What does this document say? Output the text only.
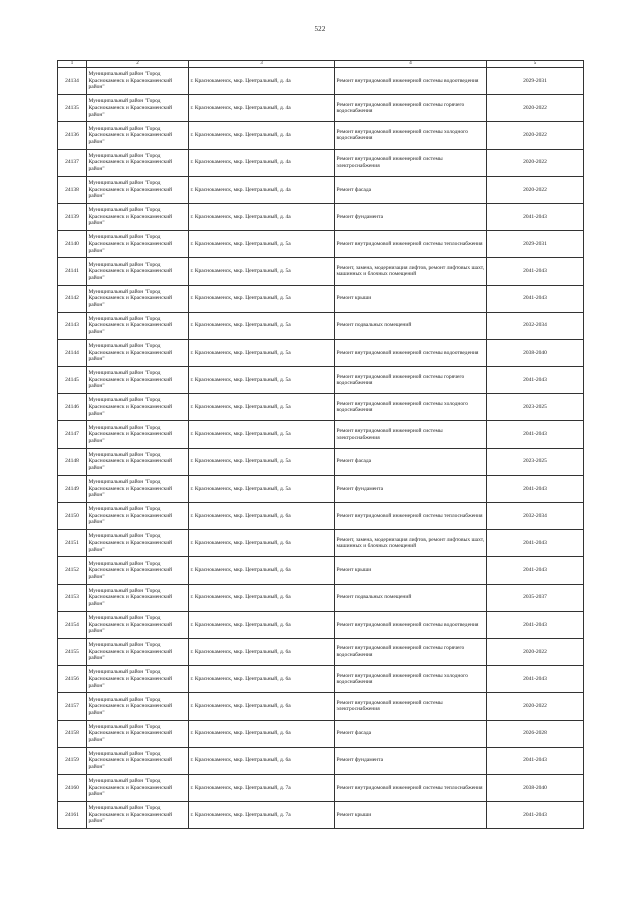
522
1	2	3	4	5
24134	Муниципальный район "Город Краснокаменск и Краснокаменский район"	г. Краснокаменск, мкр. Центральный, д. 4а	Ремонт внутридомовой инженерной системы водоотведения	2029-2031
24135	Муниципальный район "Город Краснокаменск и Краснокаменский район"	г. Краснокаменск, мкр. Центральный, д. 4а	Ремонт внутридомовой инженерной системы горячего водоснабжения	2020-2022
24136	Муниципальный район "Город Краснокаменск и Краснокаменский район"	г. Краснокаменск, мкр. Центральный, д. 4а	Ремонт внутридомовой инженерной системы холодного водоснабжения	2020-2022
24137	Муниципальный район "Город Краснокаменск и Краснокаменский район"	г. Краснокаменск, мкр. Центральный, д. 4а	Ремонт внутридомовой инженерной системы электроснабжения	2020-2022
24138	Муниципальный район "Город Краснокаменск и Краснокаменский район"	г. Краснокаменск, мкр. Центральный, д. 4а	Ремонт фасада	2020-2022
24139	Муниципальный район "Город Краснокаменск и Краснокаменский район"	г. Краснокаменск, мкр. Центральный, д. 4а	Ремонт фундамента	2041-2043
24140	Муниципальный район "Город Краснокаменск и Краснокаменский район"	г. Краснокаменск, мкр. Центральный, д. 5а	Ремонт внутридомовой инженерной системы теплоснабжения	2029-2031
24141	Муниципальный район "Город Краснокаменск и Краснокаменский район"	г. Краснокаменск, мкр. Центральный, д. 5а	Ремонт, замена, модернизация лифтов, ремонт лифтовых шахт, машинных и блочных помещений	2041-2043
24142	Муниципальный район "Город Краснокаменск и Краснокаменский район"	г. Краснокаменск, мкр. Центральный, д. 5а	Ремонт крыши	2041-2043
24143	Муниципальный район "Город Краснокаменск и Краснокаменский район"	г. Краснокаменск, мкр. Центральный, д. 5а	Ремонт подвальных помещений	2032-2034
24144	Муниципальный район "Город Краснокаменск и Краснокаменский район"	г. Краснокаменск, мкр. Центральный, д. 5а	Ремонт внутридомовой инженерной системы водоотведения	2038-2040
24145	Муниципальный район "Город Краснокаменск и Краснокаменский район"	г. Краснокаменск, мкр. Центральный, д. 5а	Ремонт внутридомовой инженерной системы горячего водоснабжения	2041-2043
24146	Муниципальный район "Город Краснокаменск и Краснокаменский район"	г. Краснокаменск, мкр. Центральный, д. 5а	Ремонт внутридомовой инженерной системы холодного водоснабжения	2023-2025
24147	Муниципальный район "Город Краснокаменск и Краснокаменский район"	г. Краснокаменск, мкр. Центральный, д. 5а	Ремонт внутридомовой инженерной системы электроснабжения	2041-2043
24148	Муниципальный район "Город Краснокаменск и Краснокаменский район"	г. Краснокаменск, мкр. Центральный, д. 5а	Ремонт фасада	2023-2025
24149	Муниципальный район "Город Краснокаменск и Краснокаменский район"	г. Краснокаменск, мкр. Центральный, д. 5а	Ремонт фундамента	2041-2043
24150	Муниципальный район "Город Краснокаменск и Краснокаменский район"	г. Краснокаменск, мкр. Центральный, д. 6а	Ремонт внутридомовой инженерной системы теплоснабжения	2032-2034
24151	Муниципальный район "Город Краснокаменск и Краснокаменский район"	г. Краснокаменск, мкр. Центральный, д. 6а	Ремонт, замена, модернизация лифтов, ремонт лифтовых шахт, машинных и блочных помещений	2041-2043
24152	Муниципальный район "Город Краснокаменск и Краснокаменский район"	г. Краснокаменск, мкр. Центральный, д. 6а	Ремонт крыши	2041-2043
24153	Муниципальный район "Город Краснокаменск и Краснокаменский район"	г. Краснокаменск, мкр. Центральный, д. 6а	Ремонт подвальных помещений	2035-2037
24154	Муниципальный район "Город Краснокаменск и Краснокаменский район"	г. Краснокаменск, мкр. Центральный, д. 6а	Ремонт внутридомовой инженерной системы водоотведения	2041-2043
24155	Муниципальный район "Город Краснокаменск и Краснокаменский район"	г. Краснокаменск, мкр. Центральный, д. 6а	Ремонт внутридомовой инженерной системы горячего водоснабжения	2020-2022
24156	Муниципальный район "Город Краснокаменск и Краснокаменский район"	г. Краснокаменск, мкр. Центральный, д. 6а	Ремонт внутридомовой инженерной системы холодного водоснабжения	2041-2043
24157	Муниципальный район "Город Краснокаменск и Краснокаменский район"	г. Краснокаменск, мкр. Центральный, д. 6а	Ремонт внутридомовой инженерной системы электроснабжения	2020-2022
24158	Муниципальный район "Город Краснокаменск и Краснокаменский район"	г. Краснокаменск, мкр. Центральный, д. 6а	Ремонт фасада	2026-2028
24159	Муниципальный район "Город Краснокаменск и Краснокаменский район"	г. Краснокаменск, мкр. Центральный, д. 6а	Ремонт фундамента	2041-2043
24160	Муниципальный район "Город Краснокаменск и Краснокаменский район"	г. Краснокаменск, мкр. Центральный, д. 7а	Ремонт внутридомовой инженерной системы теплоснабжения	2038-2040
24161	Муниципальный район "Город Краснокаменск и Краснокаменский район"	г. Краснокаменск, мкр. Центральный, д. 7а	Ремонт крыши	2041-2043
